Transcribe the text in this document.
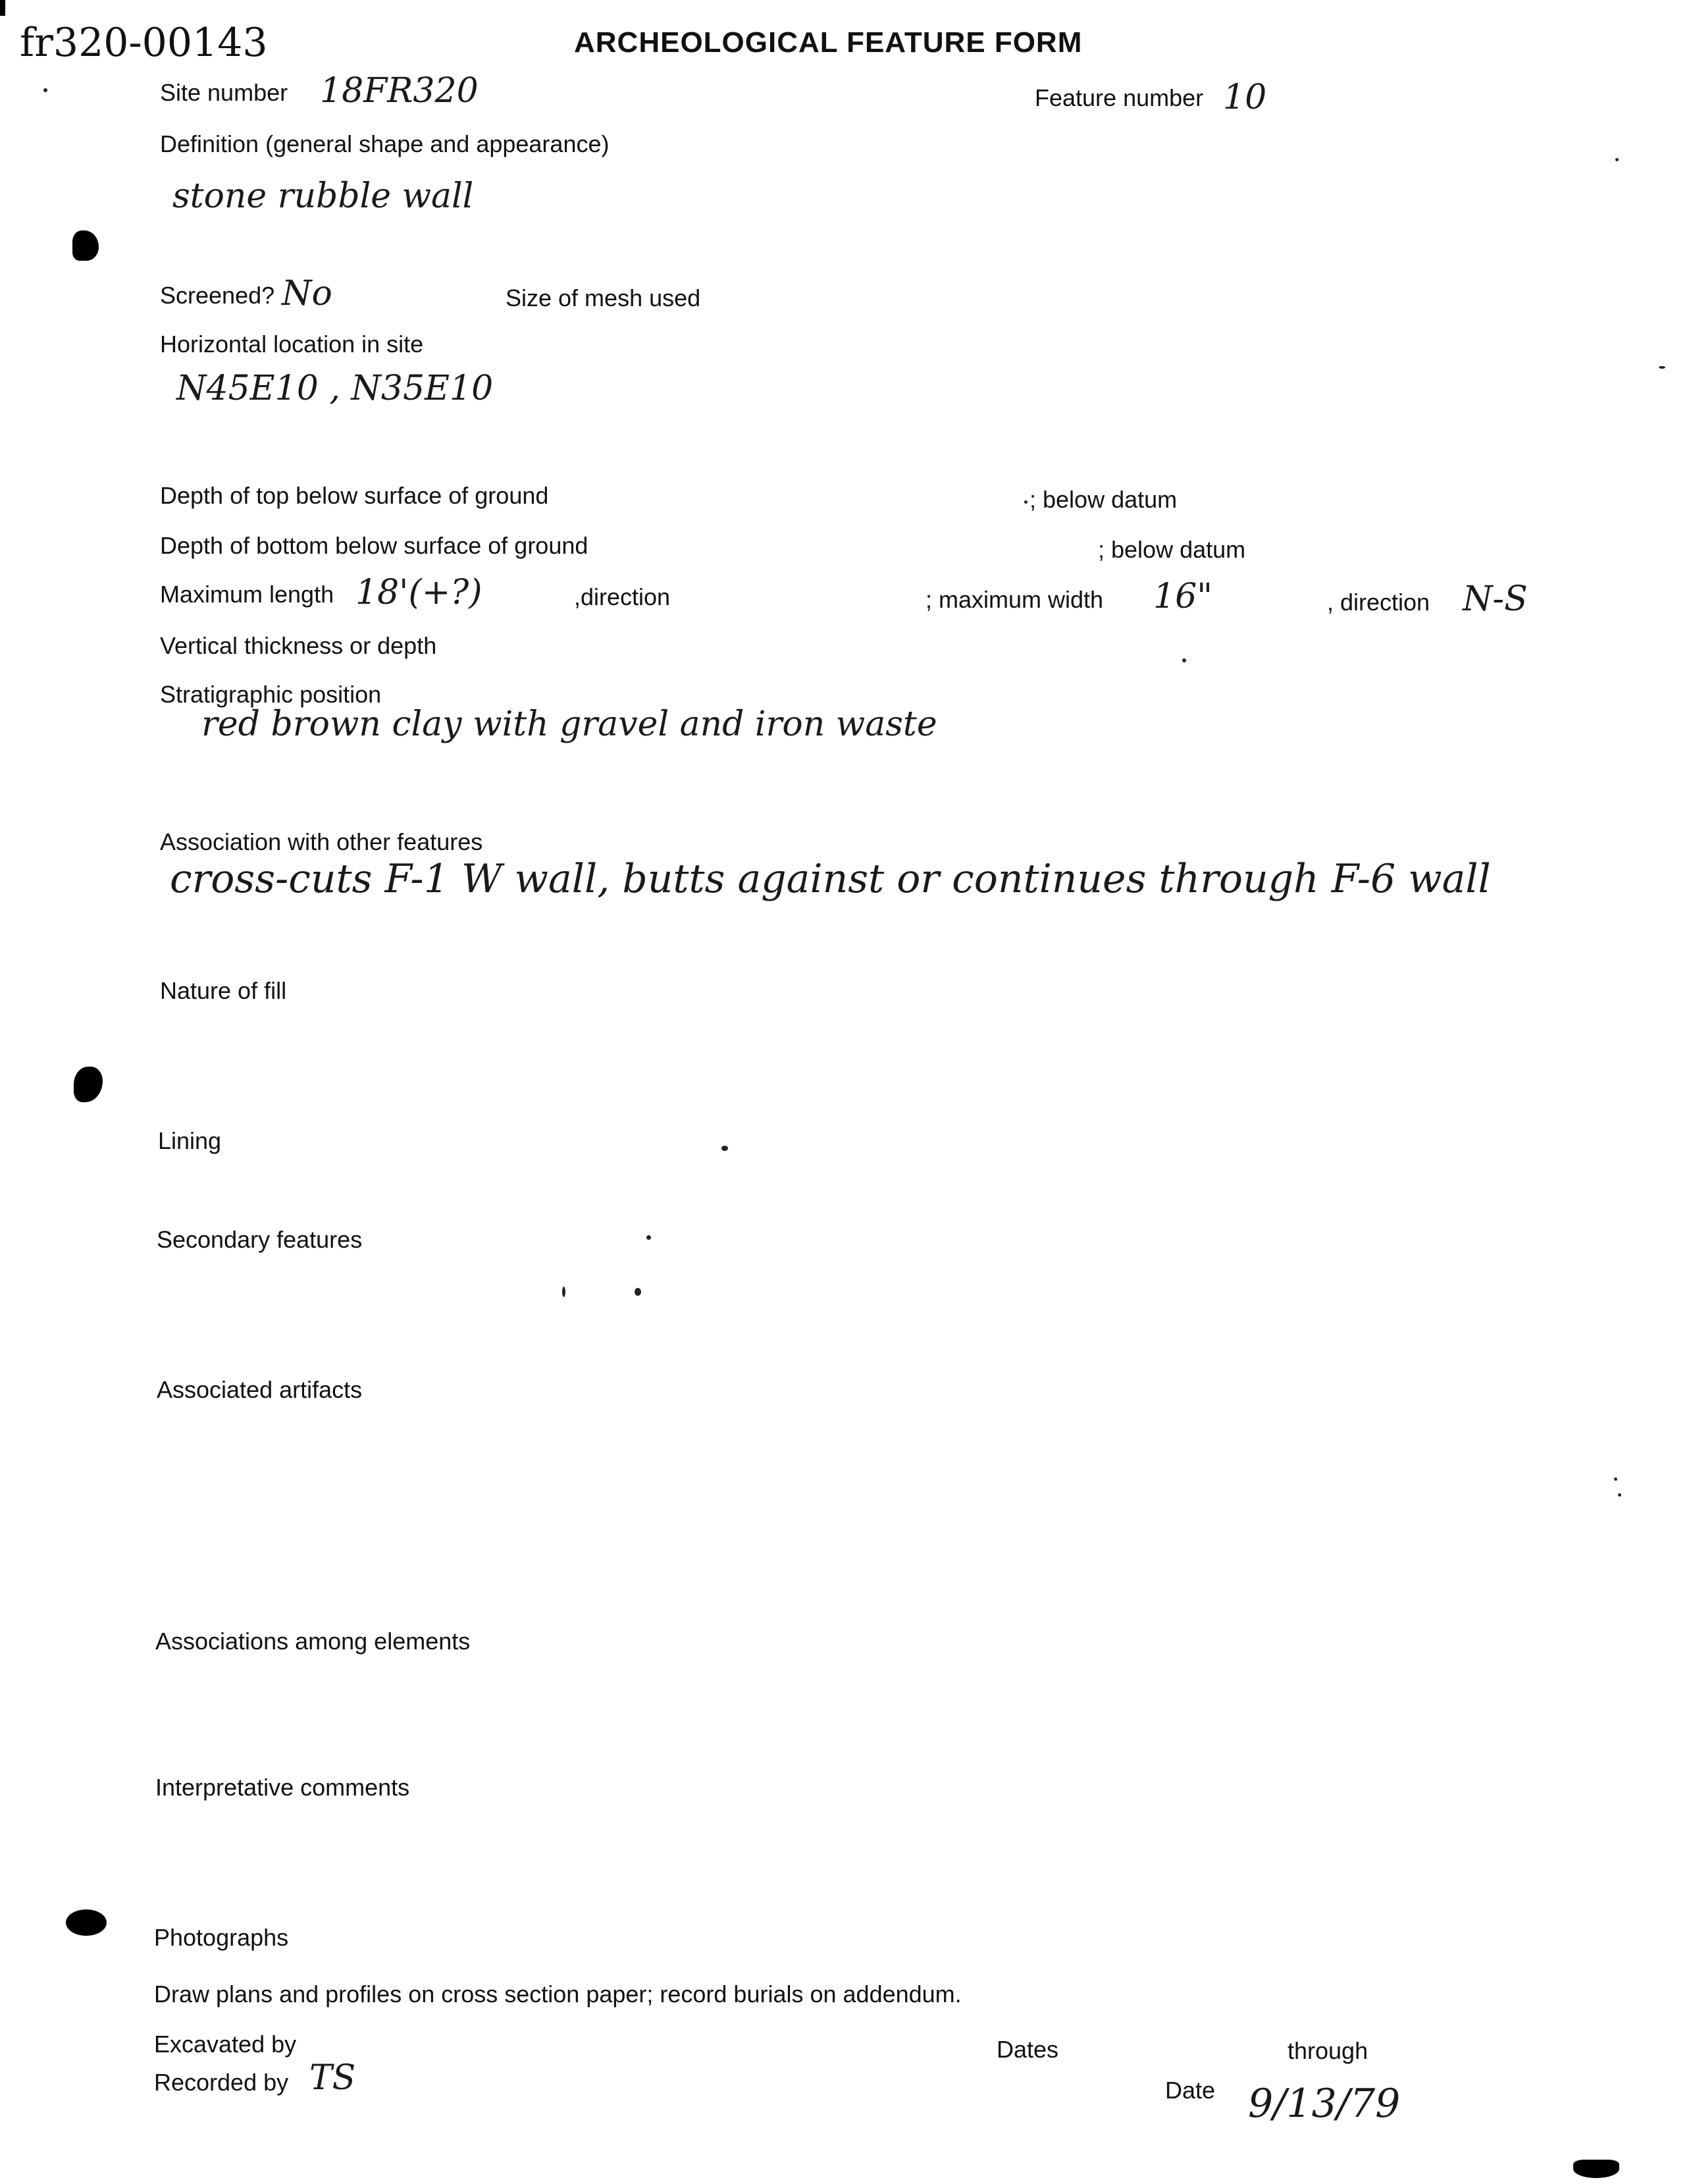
fr320-00143	ARCHEOLOGICAL FEATURE FORM
Site number 18FR320	Feature number 10
Definition (general shape and appearance)
stone rubble wall
Screened? No	Size of mesh used
Horizontal location in site
N45E10 , N35E10
Depth of top below surface of ground	; below datum
Depth of bottom below surface of ground	; below datum
Maximum length 18'(+?)	,direction	; maximum width 16"	, direction N-S
Vertical thickness or depth
Stratigraphic position
red brown clay with gravel and iron waste
Association with other features
cross-cuts F-1 W wall, butts against or continues through F-6 wall
Nature of fill
Lining
Secondary features
Associated artifacts
Associations among elements
Interpretative comments
Photographs
Draw plans and profiles on cross section paper; record burials on addendum.
Excavated by	Dates	through
Recorded by TS	Date 9/13/79
